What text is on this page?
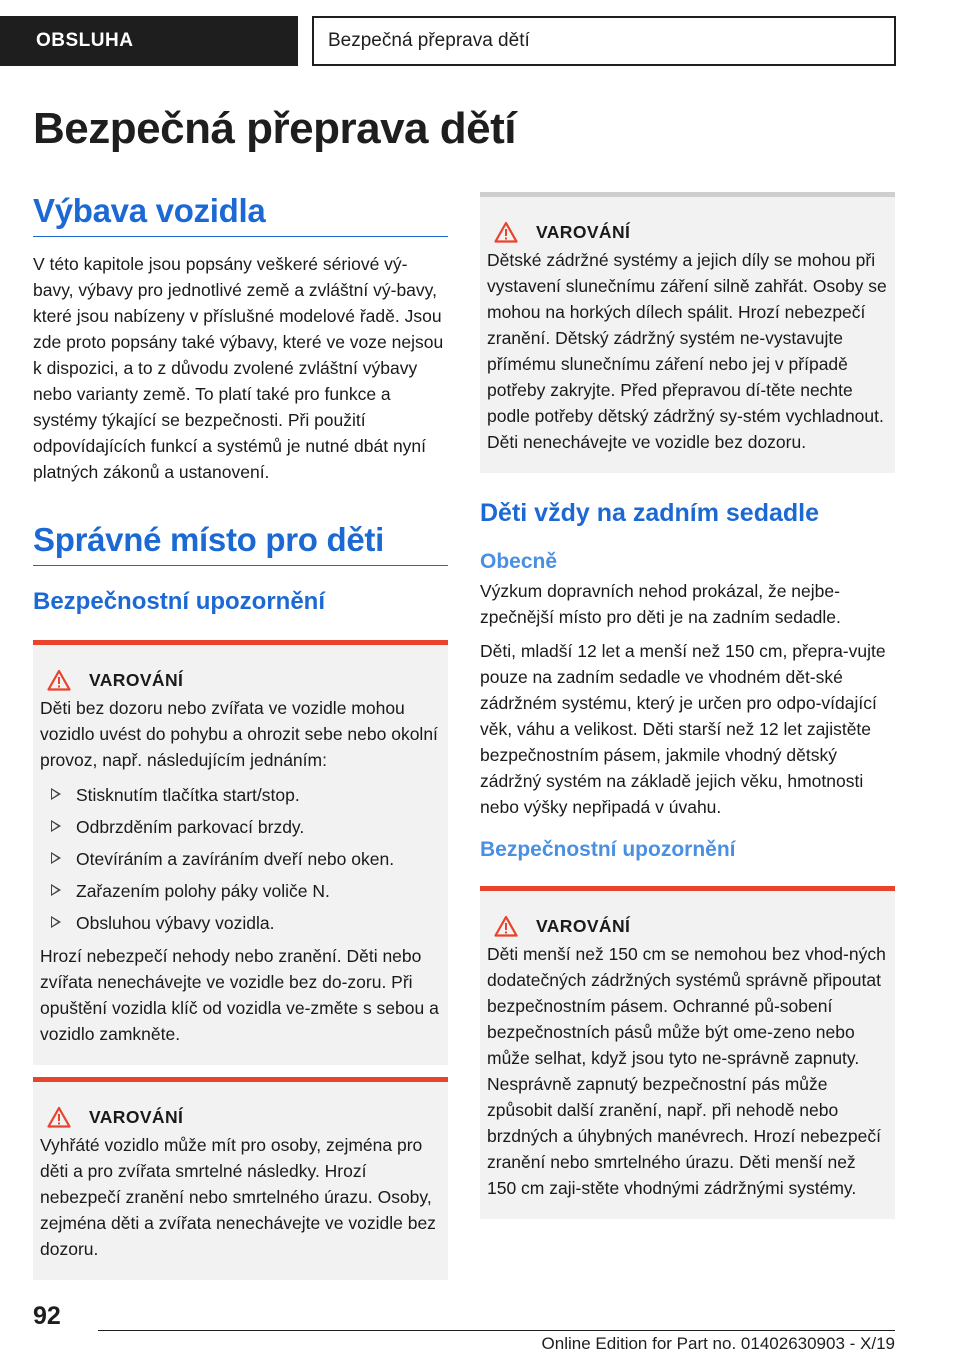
OBSLUHA	Bezpečná přeprava dětí
Bezpečná přeprava dětí
Výbava vozidla

V této kapitole jsou popsány veškeré sériové vý-bavy, výbavy pro jednotlivé země a zvláštní vý-bavy, které jsou nabízeny v příslušné modelové řadě. Jsou zde proto popsány také výbavy, které ve voze nejsou k dispozici, a to z důvodu zvolené zvláštní výbavy nebo varianty země. To platí také pro funkce a systémy týkající se bezpečnosti. Při použití odpovídajících funkcí a systémů je nutné dbát nyní platných zákonů a ustanovení.

Správné místo pro děti
Bezpečnostní upozornění
VAROVÁNÍ

Děti bez dozoru nebo zvířata ve vozidle mohou vozidlo uvést do pohybu a ohrozit sebe nebo okolní provoz, např. následujícím jednáním:

Stisknutím tlačítka start/stop.
Odbrzděním parkovací brzdy.
Otevíráním a zavíráním dveří nebo oken.
Zařazením polohy páky voliče N.
Obsluhou výbavy vozidla.

Hrozí nebezpečí nehody nebo zranění. Děti nebo zvířata nenechávejte ve vozidle bez do-zoru. Při opuštění vozidla klíč od vozidla ve-změte s sebou a vozidlo zamkněte.

VAROVÁNÍ

Vyhřáté vozidlo může mít pro osoby, zejména pro děti a pro zvířata smrtelné následky. Hrozí nebezpečí zranění nebo smrtelného úrazu. Osoby, zejména děti a zvířata nenechávejte ve vozidle bez dozoru.

VAROVÁNÍ

Dětské zádržné systémy a jejich díly se mohou při vystavení slunečnímu záření silně zahřát. Osoby se mohou na horkých dílech spálit. Hrozí nebezpečí zranění. Dětský zádržný systém ne-vystavujte přímému slunečnímu záření nebo jej v případě potřeby zakryjte. Před přepravou dí-těte nechte podle potřeby dětský zádržný sy-stém vychladnout. Děti nenechávejte ve vozidle bez dozoru.

Děti vždy na zadním sedadle
Obecně

Výzkum dopravních nehod prokázal, že nejbe-zpečnější místo pro děti je na zadním sedadle.

Děti, mladší 12 let a menší než 150 cm, přepra-vujte pouze na zadním sedadle ve vhodném dět-ské zádržném systému, který je určen pro odpo-vídající věk, váhu a velikost. Děti starší než 12 let zajistěte bezpečnostním pásem, jakmile vhodný dětský zádržný systém na základě jejich věku, hmotnosti nebo výšky nepřipadá v úvahu.

Bezpečnostní upozornění
VAROVÁNÍ

Děti menší než 150 cm se nemohou bez vhod-ných dodatečných zádržných systémů správně připoutat bezpečnostním pásem. Ochranné pů-sobení bezpečnostních pásů může být ome-zeno nebo může selhat, když jsou tyto ne-správně zapnuty. Nesprávně zapnutý bezpečnostní pás může způsobit další zranění, např. při nehodě nebo brzdných a úhybných manévrech. Hrozí nebezpečí zranění nebo smrtelného úrazu. Děti menší než 150 cm zaji-stěte vhodnými zádržnými systémy.

92
Online Edition for Part no. 01402630903 - X/19
